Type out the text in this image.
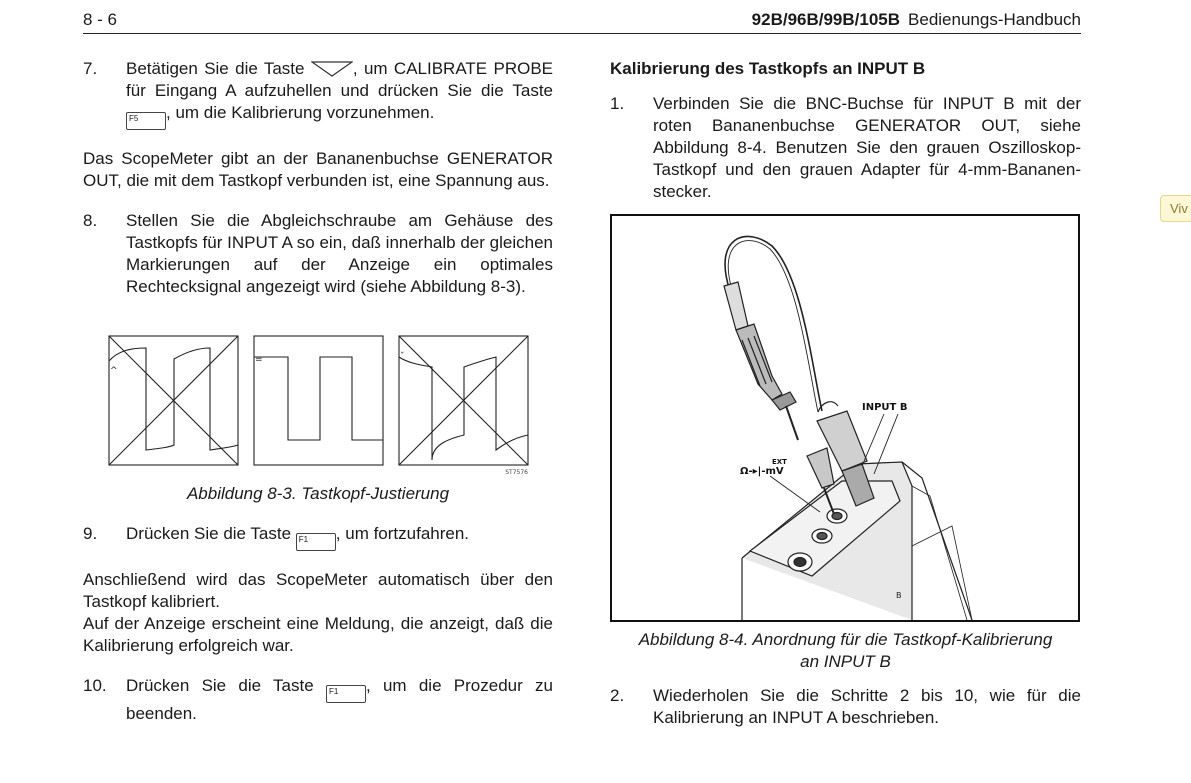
8 - 6	92B/96B/99B/105B Bedienungs-Handbuch
7. Betätigen Sie die Taste	, um CALIBRATE PROBE für Eingang A aufzuhellen und drücken Sie die Taste F5 , um die Kalibrierung vorzunehmen.
Das ScopeMeter gibt an der Bananenbuchse GENERATOR OUT, die mit dem Tastkopf verbunden ist, eine Spannung aus.
8. Stellen Sie die Abgleichschraube am Gehäuse des Tastkopfs für INPUT A so ein, daß innerhalb der gleichen Markierungen auf der Anzeige ein optimales Rechtecksignal angezeigt wird (siehe Abbildung 8-3).
^
=	ˇ
ST7576
Abbildung 8-3. Tastkopf-Justierung
9. Drücken Sie die Taste F1 , um fortzufahren.
Anschließend wird das ScopeMeter automatisch über den Tastkopf kalibriert.
Auf der Anzeige erscheint eine Meldung, die anzeigt, daß die Kalibrierung erfolgreich war.
10. Drücken Sie die Taste F1 , um die Prozedur zu beenden.
Kalibrierung des Tastkopfs an INPUT B
1. Verbinden Sie die BNC-Buchse für INPUT B mit der roten Bananenbuchse GENERATOR OUT, siehe Abbildung 8-4. Benutzen Sie den grauen Oszilloskop-Tastkopf und den grauen Adapter für 4-mm-Bananen-stecker.
B
INPUT B
EXT
Ω-▸|-mV
Abbildung 8-4. Anordnung für die Tastkopf-Kalibrierung
an INPUT B
2. Wiederholen Sie die Schritte 2 bis 10, wie für die Kalibrierung an INPUT A beschrieben.
Viv
